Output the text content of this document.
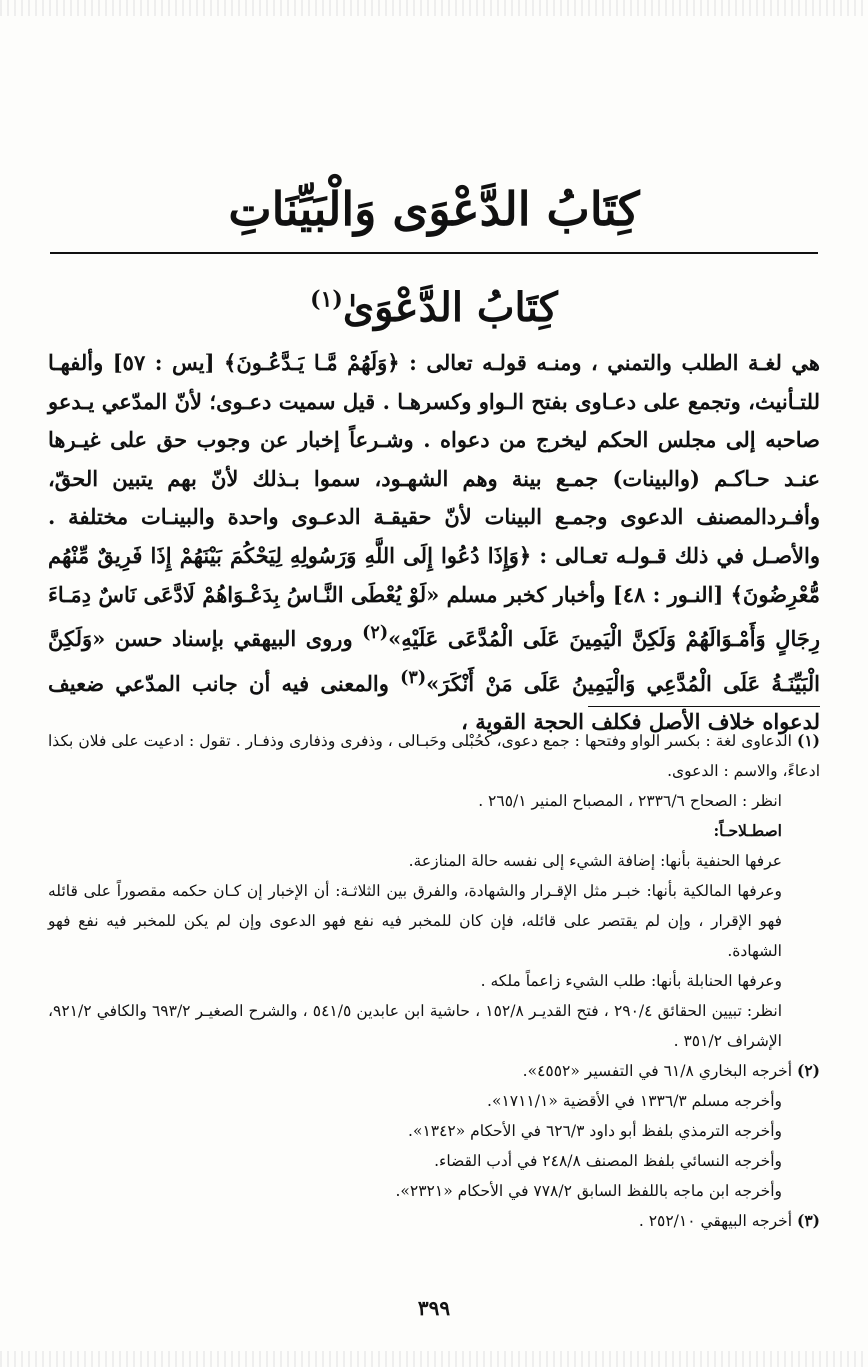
كِتَابُ الدَّعْوَى وَالْبَيِّنَاتِ
كِتَابُ الدَّعْوَىٰ$^{(١)}$

هي لغـة الطلب والتمني ، ومنـه قولـه تعالى : ﴿وَلَهُمْ مَّـا يَـدَّعُـونَ﴾ [يس : ٥٧] وألفهـا للتـأنيث، وتجمع على دعـاوى بفتح الـواو وكسرهـا . قيل سميت دعـوى؛ لأنّ المدّعي يـدعو صاحبه إلى مجلس الحكم ليخرج من دعواه . وشـرعاً إخبار عن وجوب حق على غيـرها عنـد حـاكـم (والبينات) جمـع بينة وهم الشهـود، سموا بـذلك لأنّ بهم يتبين الحقّ، وأفـردالمصنف الدعوى وجمـع البينات لأنّ حقيقـة الدعـوى واحدة والبينـات مختلفة . والأصـل في ذلك قـولـه تعـالى : ﴿وَإِذَا دُعُوا إِلَى اللَّهِ وَرَسُولِهِ لِيَحْكُمَ بَيْنَهُمْ إِذَا فَرِيقٌ مِّنْهُم مُّعْرِضُونَ﴾ [النـور : ٤٨] وأخبار كخبر مسلم «لَوْ يُعْطَى النَّـاسُ بِدَعْـوَاهُمْ لَادَّعَى نَاسٌ دِمَـاءَ رِجَالٍ وَأَمْـوَالَهُمْ وَلَكِنَّ الْيَمِينَ عَلَى الْمُدَّعَى عَلَيْهِ»$^{(٢)}$ وروى البيهقي بإسناد حسن «وَلَكِنَّ الْبَيِّنَـةُ عَلَى الْمُدَّعِي وَالْيَمِينُ عَلَى مَنْ أَنْكَرَ»$^{(٣)}$ والمعنى فيه أن جانب المدّعي ضعيف لدعواه خلاف الأصل فكلف الحجة القوية ،

(١) الدعاوى لغة : بكسر الواو وفتحها : جمع دعوى، كحُبْلى وحَبـالى ، وذفرى وذفارى وذفـار . تقول : ادعيت على فلان بكذا ادعاءً، والاسم : الدعوى.

انظر : الصحاح ٢٣٣٦/٦ ، المصباح المنير ٢٦٥/١ .

اصطـلاحـاً:

عرفها الحنفية بأنها: إضافة الشيء إلى نفسه حالة المنازعة.

وعرفها المالكية بأنها: خبـر مثل الإقـرار والشهادة، والفرق بين الثلاثـة: أن الإخبار إن كـان حكمه مقصوراً على قائله فهو الإقرار ، وإن لم يقتصر على قائله، فإن كان للمخبر فيه نفع فهو الدعوى وإن لم يكن للمخبر فيه نفع فهو الشهادة.

وعرفها الحنابلة بأنها: طلب الشيء زاعماً ملكه .

انظر: تبيين الحقائق ٢٩٠/٤ ، فتح القديـر ١٥٢/٨ ، حاشية ابن عابدين ٥٤١/٥ ، والشرح الصغيـر ٦٩٣/٢ والكافي ٩٢١/٢، الإشراف ٣٥١/٢ .

(٢) أخرجه البخاري ٦١/٨ في التفسير «٤٥٥٢».

وأخرجه مسلم ١٣٣٦/٣ في الأقضية «١٧١١/١».

وأخرجه الترمذي بلفظ أبو داود ٦٢٦/٣ في الأحكام «١٣٤٢».

وأخرجه النسائي بلفظ المصنف ٢٤٨/٨ في أدب القضاء.

وأخرجه ابن ماجه باللفظ السابق ٧٧٨/٢ في الأحكام «٢٣٢١».

(٣) أخرجه البيهقي ٢٥٢/١٠ .

٣٩٩
